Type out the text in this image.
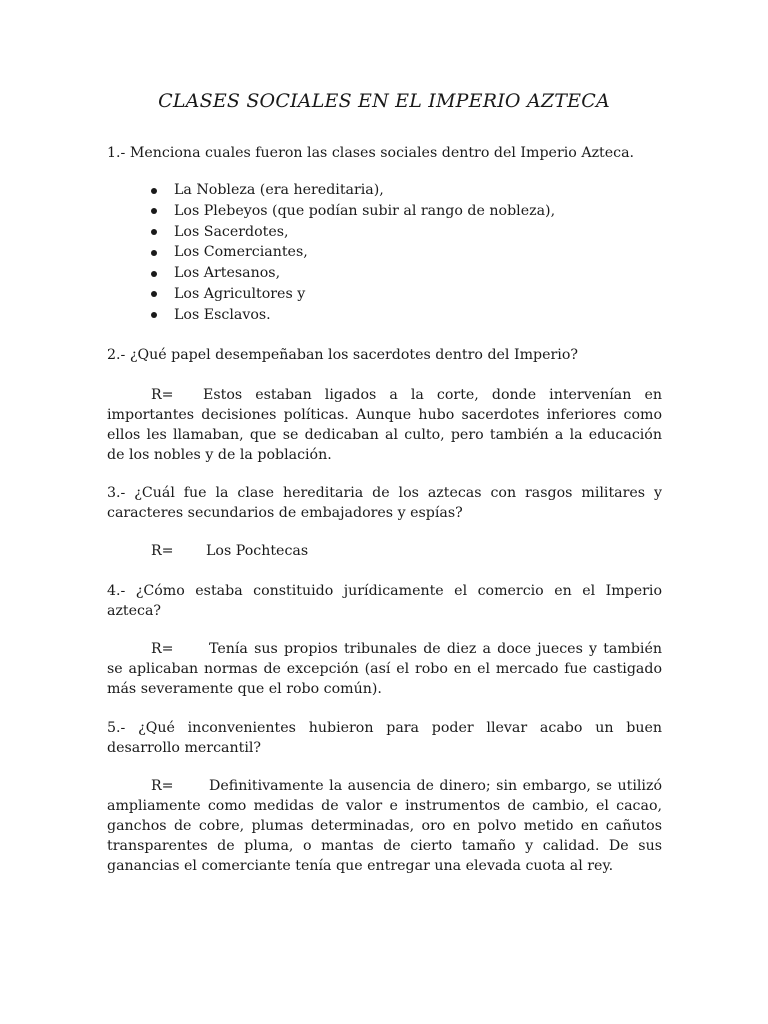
CLASES SOCIALES EN EL IMPERIO AZTECA
1.- Menciona cuales fueron las clases sociales dentro del Imperio Azteca.
La Nobleza (era hereditaria),
Los Plebeyos (que podían subir al rango de nobleza),
Los Sacerdotes,
Los Comerciantes,
Los Artesanos,
Los Agricultores y
Los Esclavos.
2.- ¿Qué papel desempeñaban los sacerdotes dentro del Imperio?
R= Estos estaban ligados a la corte, donde intervenían en importantes decisiones políticas. Aunque hubo sacerdotes inferiores como ellos les llamaban, que se dedicaban al culto, pero también a la educación de los nobles y de la población.
3.- ¿Cuál fue la clase hereditaria de los aztecas con rasgos militares y caracteres secundarios de embajadores y espías?
R= Los Pochtecas
4.- ¿Cómo estaba constituido jurídicamente el comercio en el Imperio azteca?
R= Tenía sus propios tribunales de diez a doce jueces y también se aplicaban normas de excepción (así el robo en el mercado fue castigado más severamente que el robo común).
5.- ¿Qué inconvenientes hubieron para poder llevar acabo un buen desarrollo mercantil?
R= Definitivamente la ausencia de dinero; sin embargo, se utilizó ampliamente como medidas de valor e instrumentos de cambio, el cacao, ganchos de cobre, plumas determinadas, oro en polvo metido en cañutos transparentes de pluma, o mantas de cierto tamaño y calidad. De sus ganancias el comerciante tenía que entregar una elevada cuota al rey.
